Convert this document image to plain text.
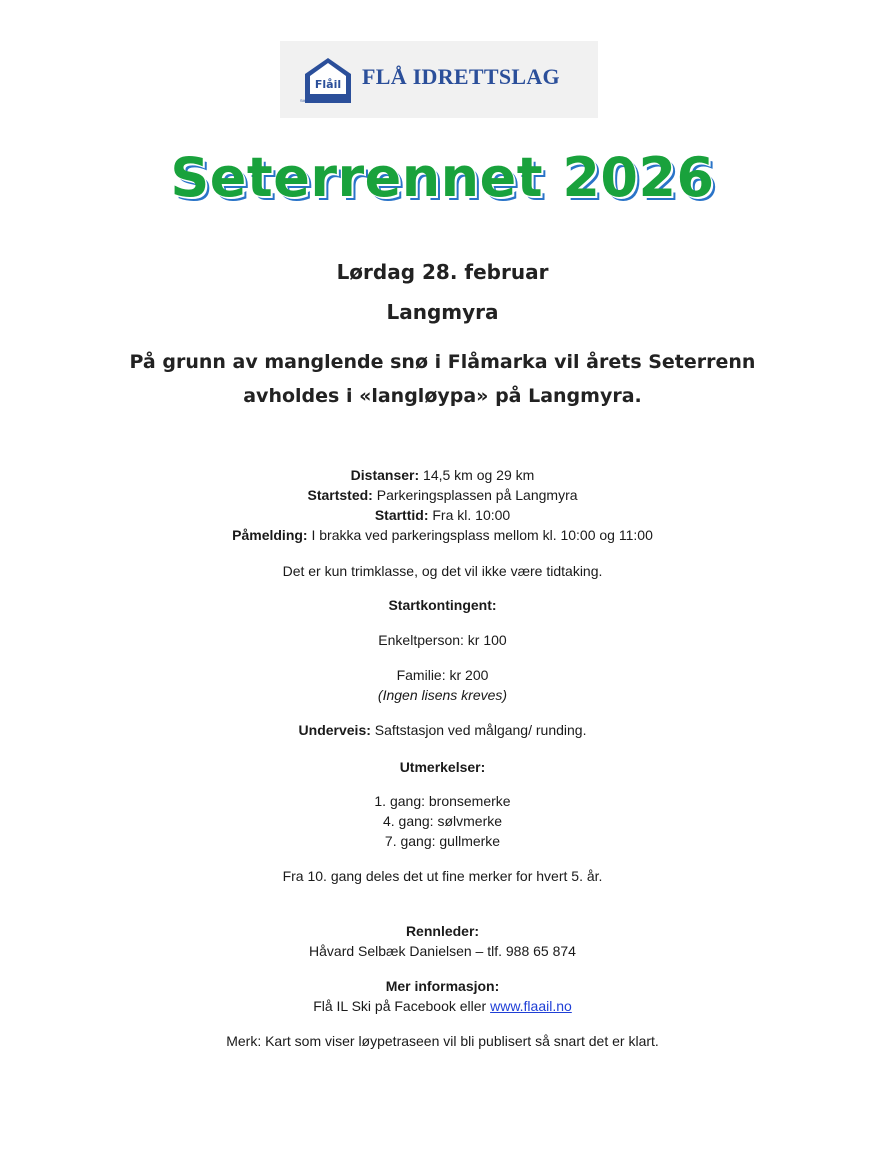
Flåil FLÅ IDRETTSLAG
Stiftet 18.2.1904
Seterrennet 2026
Lørdag 28. februar
Langmyra
På grunn av manglende snø i Flåmarka vil årets Seterrenn
avholdes i «langløypa» på Langmyra.
Distanser: 14,5 km og 29 km
Startsted: Parkeringsplassen på Langmyra
Starttid: Fra kl. 10:00
Påmelding: I brakka ved parkeringsplass mellom kl. 10:00 og 11:00
Det er kun trimklasse, og det vil ikke være tidtaking.
Startkontingent:
Enkeltperson: kr 100
Familie: kr 200
(Ingen lisens kreves)
Underveis: Saftstasjon ved målgang/ runding.
Utmerkelser:
1. gang: bronsemerke
4. gang: sølvmerke
7. gang: gullmerke
Fra 10. gang deles det ut fine merker for hvert 5. år.
Rennleder:
Håvard Selbæk Danielsen – tlf. 988 65 874
Mer informasjon:
Flå IL Ski på Facebook eller www.flaail.no
Merk: Kart som viser løypetraseen vil bli publisert så snart det er klart.
